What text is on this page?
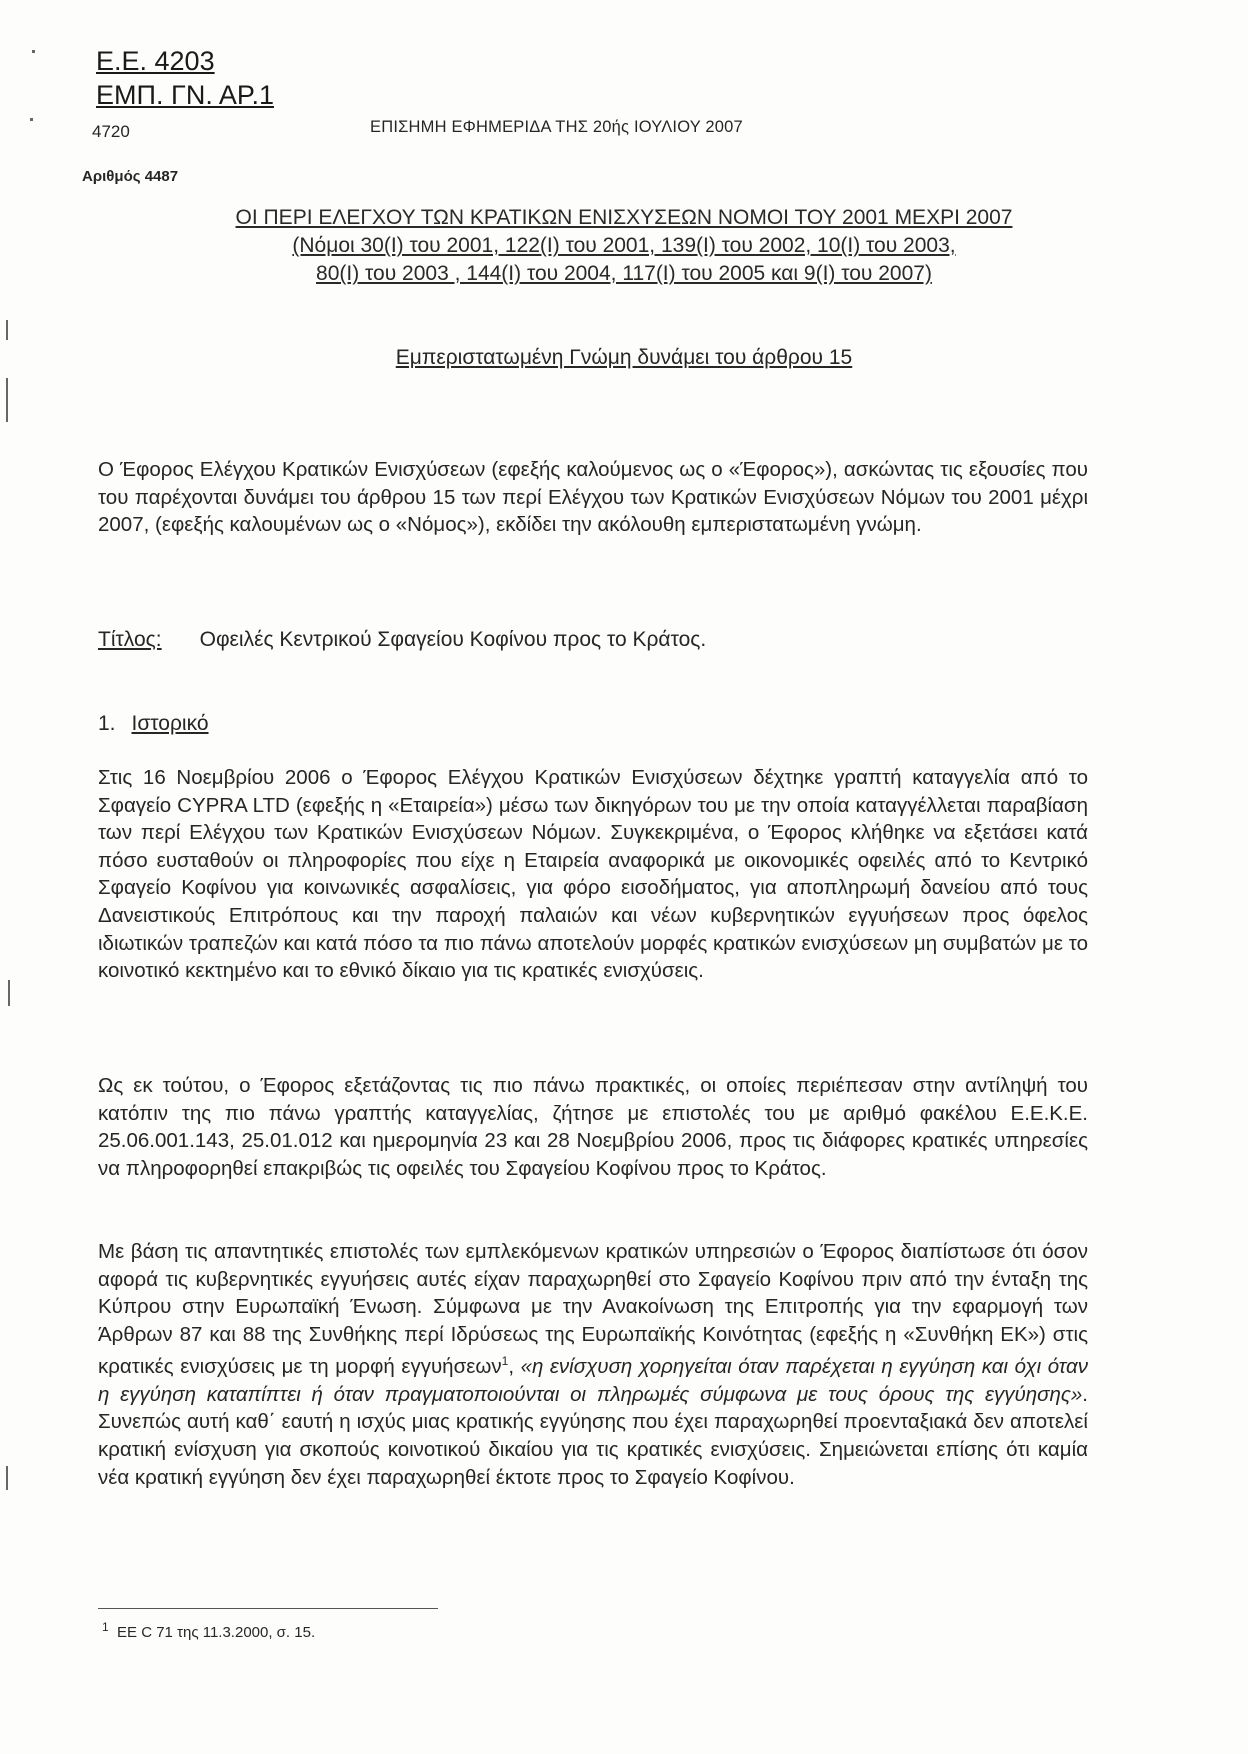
Ε.Ε. 4203
ΕΜΠ. ΓΝ. ΑΡ.1
4720	ΕΠΙΣΗΜΗ ΕΦΗΜΕΡΙΔΑ ΤΗΣ 20ής ΙΟΥΛΙΟΥ 2007
Αριθμός 4487
ΟΙ ΠΕΡΙ ΕΛΕΓΧΟΥ ΤΩΝ ΚΡΑΤΙΚΩΝ ΕΝΙΣΧΥΣΕΩΝ ΝΟΜΟΙ ΤΟΥ 2001 ΜΕΧΡΙ 2007
(Νόμοι 30(Ι) του 2001, 122(Ι) του 2001, 139(Ι) του 2002, 10(Ι) του 2003,
80(Ι) του 2003 , 144(Ι) του 2004, 117(Ι) του 2005 και 9(Ι) του 2007)
Εμπεριστατωμένη Γνώμη δυνάμει του άρθρου 15
Ο Έφορος Ελέγχου Κρατικών Ενισχύσεων (εφεξής καλούμενος ως ο «Έφορος»), ασκώντας τις εξουσίες που του παρέχονται δυνάμει του άρθρου 15 των περί Ελέγχου των Κρατικών Ενισχύσεων Νόμων του 2001 μέχρι 2007, (εφεξής καλουμένων ως ο «Νόμος»), εκδίδει την ακόλουθη εμπεριστατωμένη γνώμη.
Τίτλος: Οφειλές Κεντρικού Σφαγείου Κοφίνου προς το Κράτος.
1. Ιστορικό
Στις 16 Νοεμβρίου 2006 ο Έφορος Ελέγχου Κρατικών Ενισχύσεων δέχτηκε γραπτή καταγγελία από το Σφαγείο CYPRA LTD (εφεξής η «Εταιρεία») μέσω των δικηγόρων του με την οποία καταγγέλλεται παραβίαση των περί Ελέγχου των Κρατικών Ενισχύσεων Νόμων. Συγκεκριμένα, ο Έφορος κλήθηκε να εξετάσει κατά πόσο ευσταθούν οι πληροφορίες που είχε η Εταιρεία αναφορικά με οικονομικές οφειλές από το Κεντρικό Σφαγείο Κοφίνου για κοινωνικές ασφαλίσεις, για φόρο εισοδήματος, για αποπληρωμή δανείου από τους Δανειστικούς Επιτρόπους και την παροχή παλαιών και νέων κυβερνητικών εγγυήσεων προς όφελος ιδιωτικών τραπεζών και κατά πόσο τα πιο πάνω αποτελούν μορφές κρατικών ενισχύσεων μη συμβατών με το κοινοτικό κεκτημένο και το εθνικό δίκαιο για τις κρατικές ενισχύσεις.
Ως εκ τούτου, ο Έφορος εξετάζοντας τις πιο πάνω πρακτικές, οι οποίες περιέπεσαν στην αντίληψή του κατόπιν της πιο πάνω γραπτής καταγγελίας, ζήτησε με επιστολές του με αριθμό φακέλου Ε.Ε.Κ.Ε. 25.06.001.143, 25.01.012 και ημερομηνία 23 και 28 Νοεμβρίου 2006, προς τις διάφορες κρατικές υπηρεσίες να πληροφορηθεί επακριβώς τις οφειλές του Σφαγείου Κοφίνου προς το Κράτος.
Με βάση τις απαντητικές επιστολές των εμπλεκόμενων κρατικών υπηρεσιών ο Έφορος διαπίστωσε ότι όσον αφορά τις κυβερνητικές εγγυήσεις αυτές είχαν παραχωρηθεί στο Σφαγείο Κοφίνου πριν από την ένταξη της Κύπρου στην Ευρωπαϊκή Ένωση. Σύμφωνα με την Ανακοίνωση της Επιτροπής για την εφαρμογή των Άρθρων 87 και 88 της Συνθήκης περί Ιδρύσεως της Ευρωπαϊκής Κοινότητας (εφεξής η «Συνθήκη ΕΚ») στις κρατικές ενισχύσεις με τη μορφή εγγυήσεων$^1$, «η ενίσχυση χορηγείται όταν παρέχεται η εγγύηση και όχι όταν η εγγύηση καταπίπτει ή όταν πραγματοποιούνται οι πληρωμές σύμφωνα με τους όρους της εγγύησης». Συνεπώς αυτή καθ΄ εαυτή η ισχύς μιας κρατικής εγγύησης που έχει παραχωρηθεί προενταξιακά δεν αποτελεί κρατική ενίσχυση για σκοπούς κοινοτικού δικαίου για τις κρατικές ενισχύσεις. Σημειώνεται επίσης ότι καμία νέα κρατική εγγύηση δεν έχει παραχωρηθεί έκτοτε προς το Σφαγείο Κοφίνου.
$^1$ ΕΕ C 71 της 11.3.2000, σ. 15.
